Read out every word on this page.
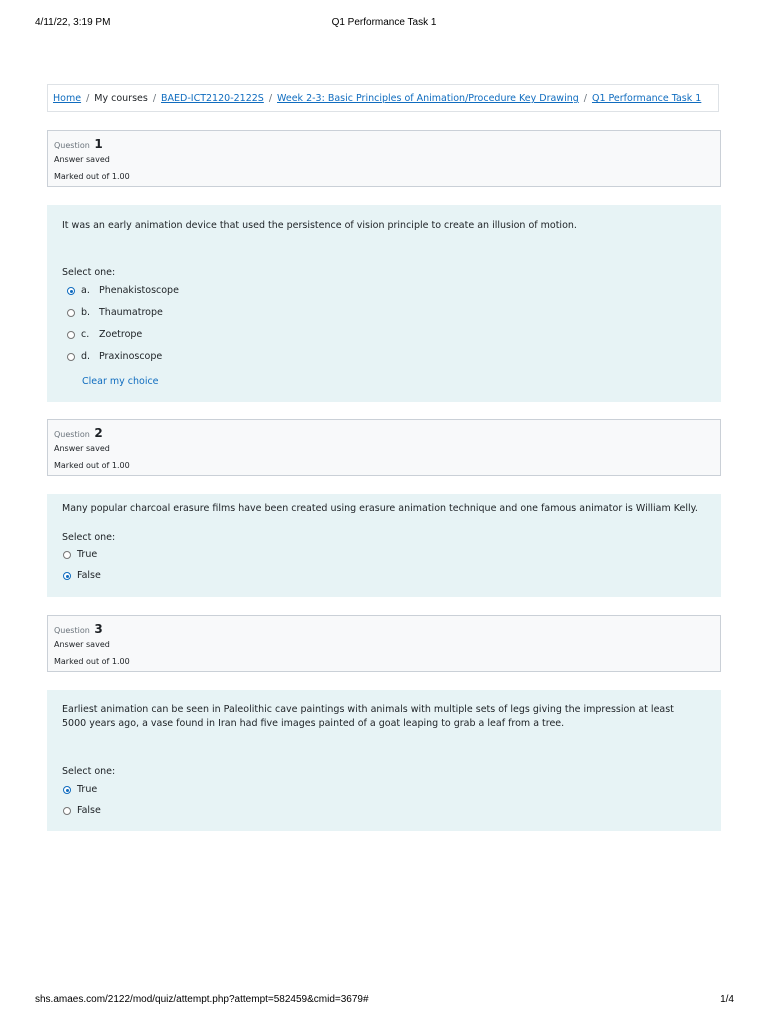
4/11/22, 3:19 PM	Q1 Performance Task 1
Home / My courses / BAED-ICT2120-2122S / Week 2-3: Basic Principles of Animation/Procedure Key Drawing / Q1 Performance Task 1
Question 1
Answer saved
Marked out of 1.00
It was an early animation device that used the persistence of vision principle to create an illusion of motion.
Select one:
a. Phenakistoscope
b. Thaumatrope
c.	Zoetrope
d. Praxinoscope
Clear my choice
Question 2
Answer saved
Marked out of 1.00
Many popular charcoal erasure films have been created using erasure animation technique and one famous animator is William Kelly.
Select one:
True
False
Question 3
Answer saved
Marked out of 1.00
Earliest animation can be seen in Paleolithic cave paintings with animals with multiple sets of legs giving the impression at least 5000 years ago, a vase found in Iran had five images painted of a goat leaping to grab a leaf from a tree.
Select one:
True
False
shs.amaes.com/2122/mod/quiz/attempt.php?attempt=582459&cmid=3679#	1/4
